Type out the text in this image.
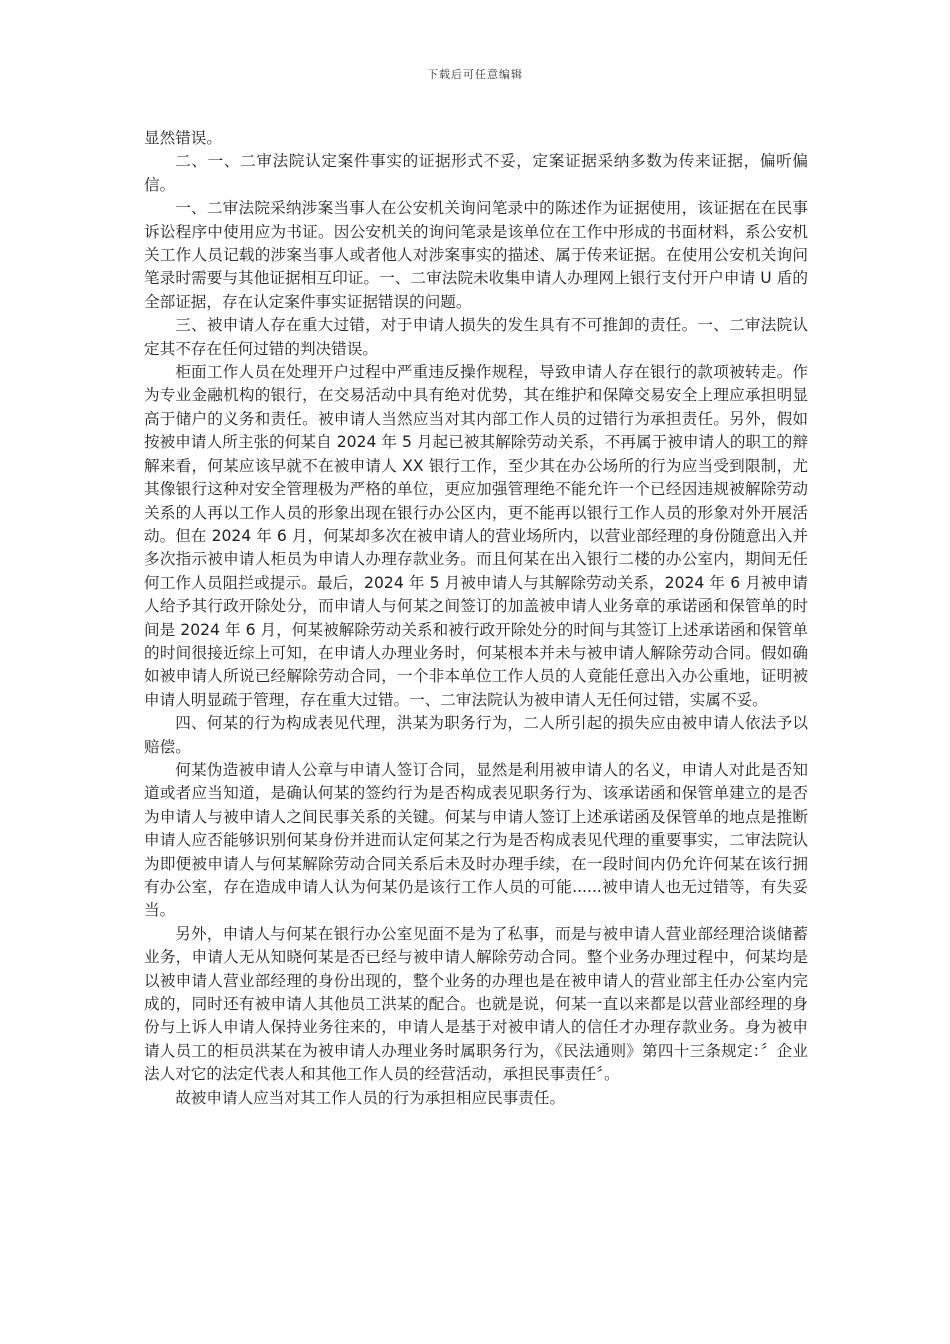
下载后可任意编辑

显然错误。

二、一、二审法院认定案件事实的证据形式不妥，定案证据采纳多数为传来证据，偏听偏信。

一、二审法院采纳涉案当事人在公安机关询问笔录中的陈述作为证据使用，该证据在在民事诉讼程序中使用应为书证。因公安机关的询问笔录是该单位在工作中形成的书面材料，系公安机关工作人员记载的涉案当事人或者他人对涉案事实的描述、属于传来证据。在使用公安机关询问笔录时需要与其他证据相互印证。一、二审法院未收集申请人办理网上银行支付开户申请 U 盾的全部证据，存在认定案件事实证据错误的问题。

三、被申请人存在重大过错，对于申请人损失的发生具有不可推卸的责任。一、二审法院认定其不存在任何过错的判决错误。

柜面工作人员在处理开户过程中严重违反操作规程，导致申请人存在银行的款项被转走。作为专业金融机构的银行，在交易活动中具有绝对优势，其在维护和保障交易安全上理应承担明显高于储户的义务和责任。被申请人当然应当对其内部工作人员的过错行为承担责任。另外，假如按被申请人所主张的何某自 2024 年 5 月起已被其解除劳动关系，不再属于被申请人的职工的辩解来看，何某应该早就不在被申请人 XX 银行工作，至少其在办公场所的行为应当受到限制，尤其像银行这种对安全管理极为严格的单位，更应加强管理绝不能允许一个已经因违规被解除劳动关系的人再以工作人员的形象出现在银行办公区内，更不能再以银行工作人员的形象对外开展活动。但在 2024 年 6 月，何某却多次在被申请人的营业场所内，以营业部经理的身份随意出入并多次指示被申请人柜员为申请人办理存款业务。而且何某在出入银行二楼的办公室内，期间无任何工作人员阻拦或提示。最后，2024 年 5 月被申请人与其解除劳动关系，2024 年 6 月被申请人给予其行政开除处分，而申请人与何某之间签订的加盖被申请人业务章的承诺函和保管单的时间是 2024 年 6 月，何某被解除劳动关系和被行政开除处分的时间与其签订上述承诺函和保管单的时间很接近综上可知，在申请人办理业务时，何某根本并未与被申请人解除劳动合同。假如确如被申请人所说已经解除劳动合同，一个非本单位工作人员的人竟能任意出入办公重地，证明被申请人明显疏于管理，存在重大过错。一、二审法院认为被申请人无任何过错，实属不妥。

四、何某的行为构成表见代理，洪某为职务行为，二人所引起的损失应由被申请人依法予以赔偿。

何某伪造被申请人公章与申请人签订合同，显然是利用被申请人的名义，申请人对此是否知道或者应当知道，是确认何某的签约行为是否构成表见职务行为、该承诺函和保管单建立的是否为申请人与被申请人之间民事关系的关键。何某与申请人签订上述承诺函及保管单的地点是推断申请人应否能够识别何某身份并进而认定何某之行为是否构成表见代理的重要事实，二审法院认为即便被申请人与何某解除劳动合同关系后未及时办理手续，在一段时间内仍允许何某在该行拥有办公室，存在造成申请人认为何某仍是该行工作人员的可能......被申请人也无过错等，有失妥当。

另外，申请人与何某在银行办公室见面不是为了私事，而是与被申请人营业部经理洽谈储蓄业务，申请人无从知晓何某是否已经与被申请人解除劳动合同。整个业务办理过程中，何某均是以被申请人营业部经理的身份出现的，整个业务的办理也是在被申请人的营业部主任办公室内完成的，同时还有被申请人其他员工洪某的配合。也就是说，何某一直以来都是以营业部经理的身份与上诉人申请人保持业务往来的，申请人是基于对被申请人的信任才办理存款业务。身为被申请人员工的柜员洪某在为被申请人办理业务时属职务行为，《民法通则》第四十三条规定：〞企业法人对它的法定代表人和其他工作人员的经营活动，承担民事责任〞。

故被申请人应当对其工作人员的行为承担相应民事责任。
